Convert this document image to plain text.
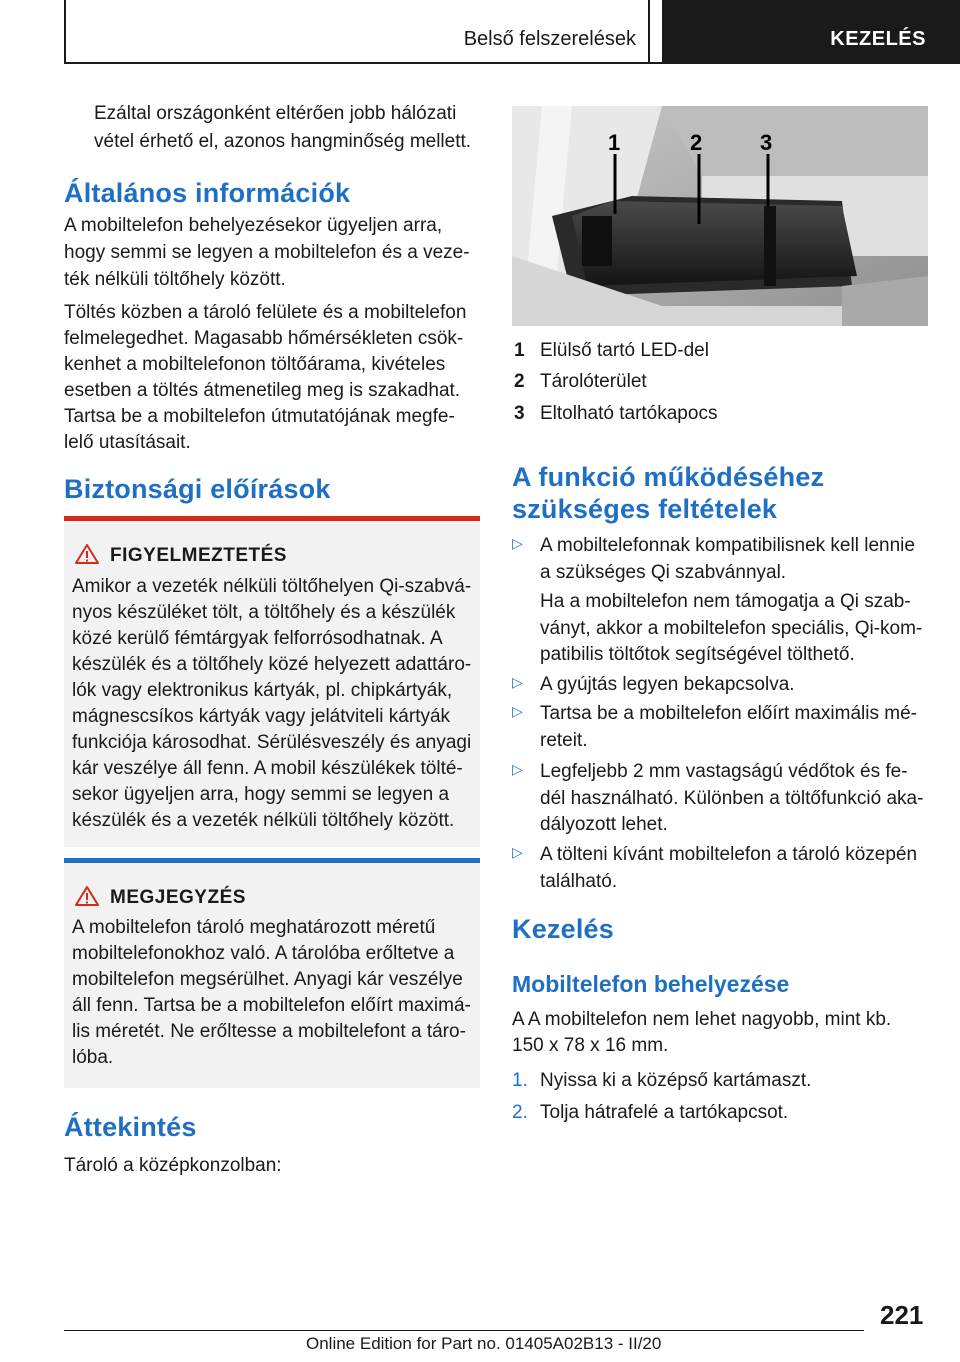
Belső felszerelések	KEZELÉS
Ezáltal országonként eltérően jobb hálózati
vétel érhető el, azonos hangminőség mellett.
Általános információk
A mobiltelefon behelyezésekor ügyeljen arra,
hogy semmi se legyen a mobiltelefon és a veze-
ték nélküli töltőhely között.
Töltés közben a tároló felülete és a mobiltelefon
felmelegedhet. Magasabb hőmérsékleten csök-
kenhet a mobiltelefonon töltőárama, kivételes
esetben a töltés átmenetileg meg is szakadhat.
Tartsa be a mobiltelefon útmutatójának megfe-
lelő utasításait.
Biztonsági előírások
FIGYELMEZTETÉS
Amikor a vezeték nélküli töltőhelyen Qi-szabvá-
nyos készüléket tölt, a töltőhely és a készülék
közé kerülő fémtárgyak felforrósodhatnak. A
készülék és a töltőhely közé helyezett adattáro-
lók vagy elektronikus kártyák, pl. chipkártyák,
mágnescsíkos kártyák vagy jelátviteli kártyák
funkciója károsodhat. Sérülésveszély és anyagi
kár veszélye áll fenn. A mobil készülékek tölté-
sekor ügyeljen arra, hogy semmi se legyen a
készülék és a vezeték nélküli töltőhely között.
MEGJEGYZÉS
A mobiltelefon tároló meghatározott méretű
mobiltelefonokhoz való. A tárolóba erőltetve a
mobiltelefon megsérülhet. Anyagi kár veszélye
áll fenn. Tartsa be a mobiltelefon előírt maximá-
lis méretét. Ne erőltesse a mobiltelefont a táro-
lóba.
Áttekintés
Tároló a középkonzolban:
1	2	3
1 Elülső tartó LED-del
2 Tárolóterület
3 Eltolható tartókapocs
A funkció működéséhez
szükséges feltételek
▷ A mobiltelefonnak kompatibilisnek kell lennie
a szükséges Qi szabvánnyal.
Ha a mobiltelefon nem támogatja a Qi szab-
ványt, akkor a mobiltelefon speciális, Qi-kom-
patibilis töltőtok segítségével tölthető.
▷ A gyújtás legyen bekapcsolva.
▷ Tartsa be a mobiltelefon előírt maximális mé-
reteit.
▷ Legfeljebb 2 mm vastagságú védőtok és fe-
dél használható. Különben a töltőfunkció aka-
dályozott lehet.
▷ A tölteni kívánt mobiltelefon a tároló közepén
található.
Kezelés
Mobiltelefon behelyezése
A A mobiltelefon nem lehet nagyobb, mint kb.
150 x 78 x 16 mm.
1. Nyissa ki a középső kartámaszt.
2. Tolja hátrafelé a tartókapcsot.
221
Online Edition for Part no. 01405A02B13 - II/20
